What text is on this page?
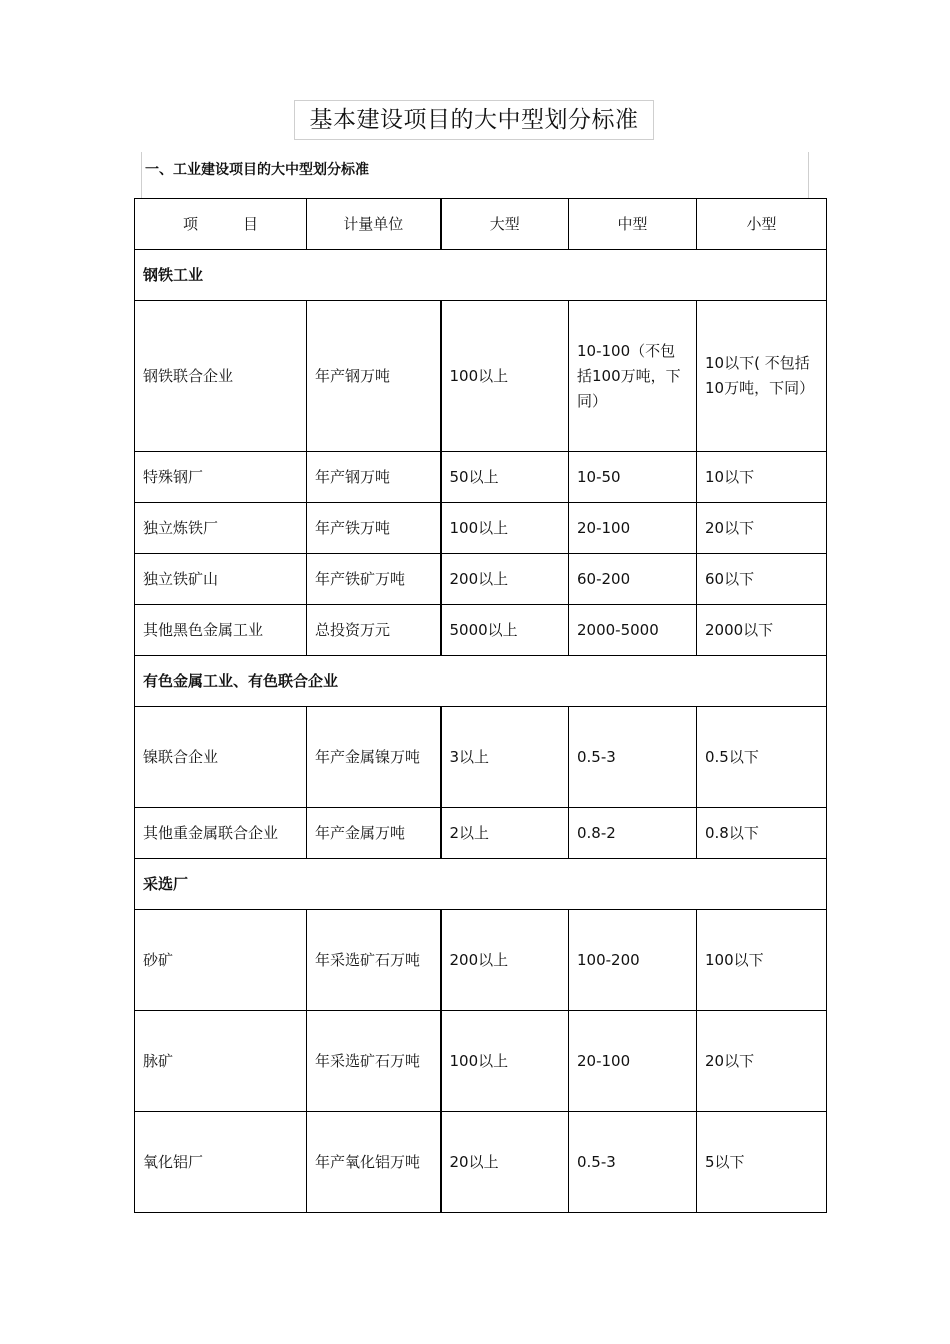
基本建设项目的大中型划分标准
一、工业建设项目的大中型划分标准
项　　　目	计量单位	大型	中型	小型
钢铁工业				
钢铁联合企业	年产钢万吨	100以上	10-100（不包括100万吨，下同）	10以下( 不包括10万吨，下同）
特殊钢厂	年产钢万吨	50以上	10-50	10以下
独立炼铁厂	年产铁万吨	100以上	20-100	20以下
独立铁矿山	年产铁矿万吨	200以上	60-200	60以下
其他黑色金属工业	总投资万元	5000以上	2000-5000	2000以下
有色金属工业、有色联合企业				
镍联合企业	年产金属镍万吨	3以上	0.5-3	0.5以下
其他重金属联合企业	年产金属万吨	2以上	0.8-2	0.8以下
采选厂				
砂矿	年采选矿石万吨	200以上	100-200	100以下
脉矿	年采选矿石万吨	100以上	20-100	20以下
氧化铝厂	年产氧化铝万吨	20以上	0.5-3	5以下
